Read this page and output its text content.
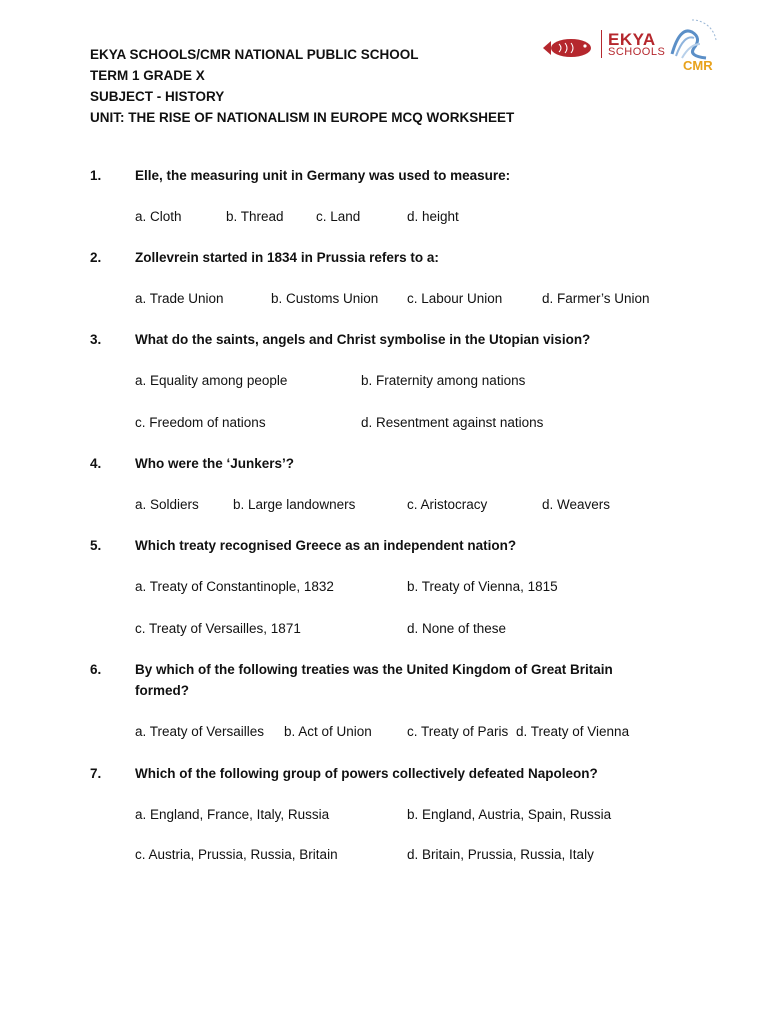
EKYA SCHOOLS/CMR NATIONAL PUBLIC SCHOOL
TERM 1 GRADE X
SUBJECT - HISTORY
UNIT: THE RISE OF NATIONALISM IN EUROPE MCQ WORKSHEET
EKYA
SCHOOLS
CMR
1. Elle, the measuring unit in Germany was used to measure:
a. Cloth	b. Thread c. Land	d. height
2. Zollevrein started in 1834 in Prussia refers to a:
a. Trade Union	b. Customs Union c. Labour Union	d. Farmer’s Union
3. What do the saints, angels and Christ symbolise in the Utopian vision?
a. Equality among people	b. Fraternity among nations
c. Freedom of nations	d. Resentment against nations
4. Who were the ‘Junkers’?
a. Soldiers	b. Large landowners	c. Aristocracy	d. Weavers
5. Which treaty recognised Greece as an independent nation?
a. Treaty of Constantinople, 1832	b. Treaty of Vienna, 1815
c. Treaty of Versailles, 1871	d. None of these
6. By which of the following treaties was the United Kingdom of Great Britain
formed?
a. Treaty of Versailles b. Act of Union	c. Treaty of Paris d. Treaty of Vienna
7. Which of the following group of powers collectively defeated Napoleon?
a. England, France, Italy, Russia	b. England, Austria, Spain, Russia
c. Austria, Prussia, Russia, Britain	d. Britain, Prussia, Russia, Italy
